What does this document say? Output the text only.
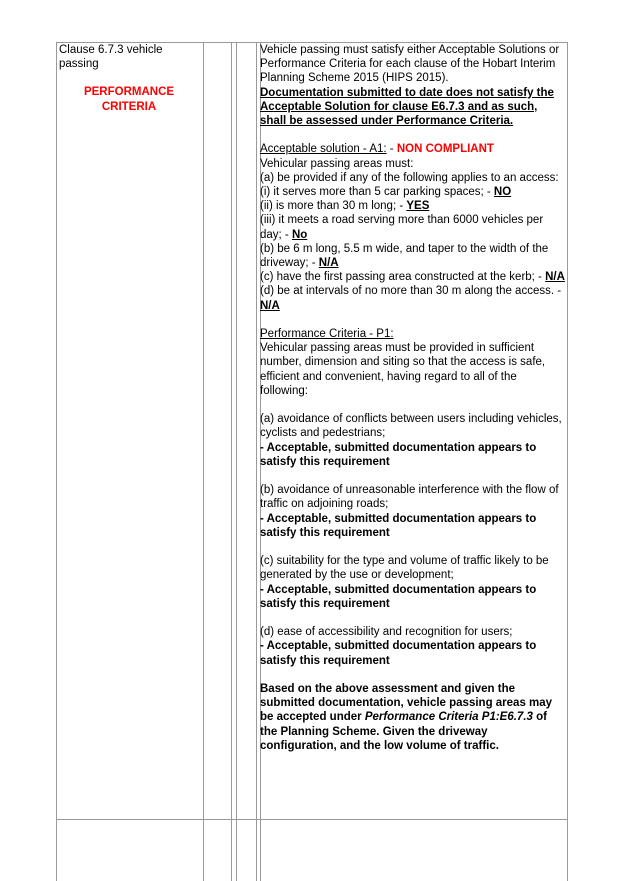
Clause 6.7.3 vehicle
passing
PERFORMANCE
CRITERIA

Vehicle passing must satisfy either Acceptable Solutions or Performance Criteria for each clause of the Hobart Interim Planning Scheme 2015 (HIPS 2015).

Documentation submitted to date does not satisfy the Acceptable Solution for clause E6.7.3 and as such, shall be assessed under Performance Criteria.

Acceptable solution - A1: - NON COMPLIANT

Vehicular passing areas must:

(a) be provided if any of the following applies to an access:

(i) it serves more than 5 car parking spaces; - NO

(ii) is more than 30 m long; - YES

(iii) it meets a road serving more than 6000 vehicles per day; - No

(b) be 6 m long, 5.5 m wide, and taper to the width of the driveway; - N/A

(c) have the first passing area constructed at the kerb; - N/A

(d) be at intervals of no more than 30 m along the access. - N/A

Performance Criteria - P1:

Vehicular passing areas must be provided in sufficient number, dimension and siting so that the access is safe, efficient and convenient, having regard to all of the following:

(a) avoidance of conflicts between users including vehicles, cyclists and pedestrians;

- Acceptable, submitted documentation appears to satisfy this requirement

(b) avoidance of unreasonable interference with the flow of traffic on adjoining roads;

- Acceptable, submitted documentation appears to satisfy this requirement

(c) suitability for the type and volume of traffic likely to be generated by the use or development;

- Acceptable, submitted documentation appears to satisfy this requirement

(d) ease of accessibility and recognition for users;

- Acceptable, submitted documentation appears to satisfy this requirement

Based on the above assessment and given the submitted documentation, vehicle passing areas may be accepted under Performance Criteria P1:E6.7.3 of the Planning Scheme. Given the driveway configuration, and the low volume of traffic.
